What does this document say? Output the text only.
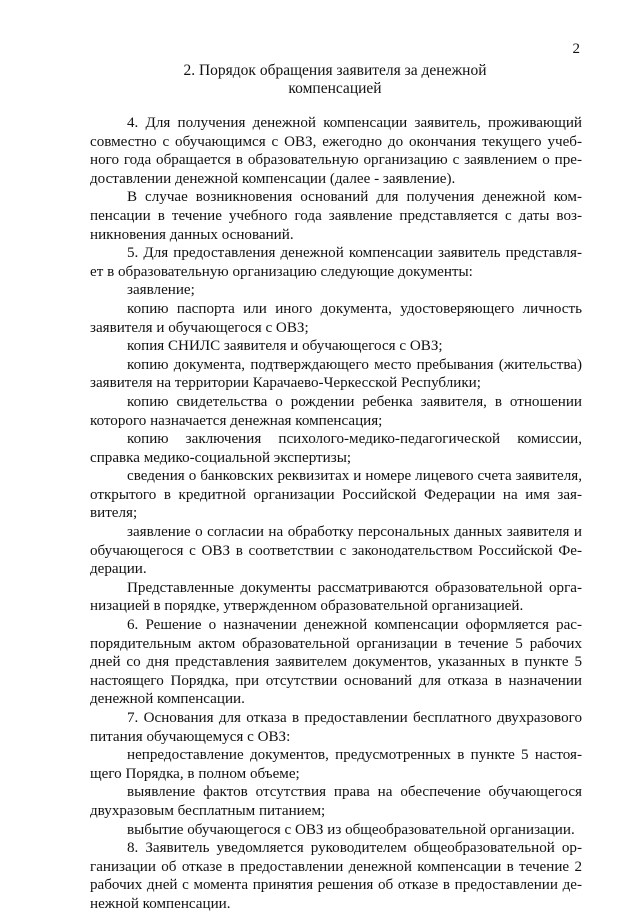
2
2. Порядок обращения заявителя за денежной
компенсацией

4. Для получения денежной компенсации заявитель, проживающий совместно с обучающимся с ОВЗ, ежегодно до окончания текущего учебного года обращается в образовательную организацию с заявлением о предоставлении денежной компенсации (далее - заявление).

В случае возникновения оснований для получения денежной компенсации в течение учебного года заявление представляется с даты возникновения данных оснований.

5. Для предоставления денежной компенсации заявитель представляет в образовательную организацию следующие документы:

заявление;

копию паспорта или иного документа, удостоверяющего личность заявителя и обучающегося с ОВЗ;

копия СНИЛС заявителя и обучающегося с ОВЗ;

копию документа, подтверждающего место пребывания (жительства) заявителя на территории Карачаево-Черкесской Республики;

копию свидетельства о рождении ребенка заявителя, в отношении которого назначается денежная компенсация;

копию заключения психолого-медико-педагогической комиссии, справка медико-социальной экспертизы;

сведения о банковских реквизитах и номере лицевого счета заявителя, открытого в кредитной организации Российской Федерации на имя заявителя;

заявление о согласии на обработку персональных данных заявителя и обучающегося с ОВЗ в соответствии с законодательством Российской Федерации.

Представленные документы рассматриваются образовательной организацией в порядке, утвержденном образовательной организацией.

6. Решение о назначении денежной компенсации оформляется распорядительным актом образовательной организации в течение 5 рабочих дней со дня представления заявителем документов, указанных в пункте 5 настоящего Порядка, при отсутствии оснований для отказа в назначении денежной компенсации.

7. Основания для отказа в предоставлении бесплатного двухразового питания обучающемуся с ОВЗ:

непредоставление документов, предусмотренных в пункте 5 настоящего Порядка, в полном объеме;

выявление фактов отсутствия права на обеспечение обучающегося двухразовым бесплатным питанием;

выбытие обучающегося с ОВЗ из общеобразовательной организации.

8. Заявитель уведомляется руководителем общеобразовательной организации об отказе в предоставлении денежной компенсации в течение 2 рабочих дней с момента принятия решения об отказе в предоставлении денежной компенсации.
